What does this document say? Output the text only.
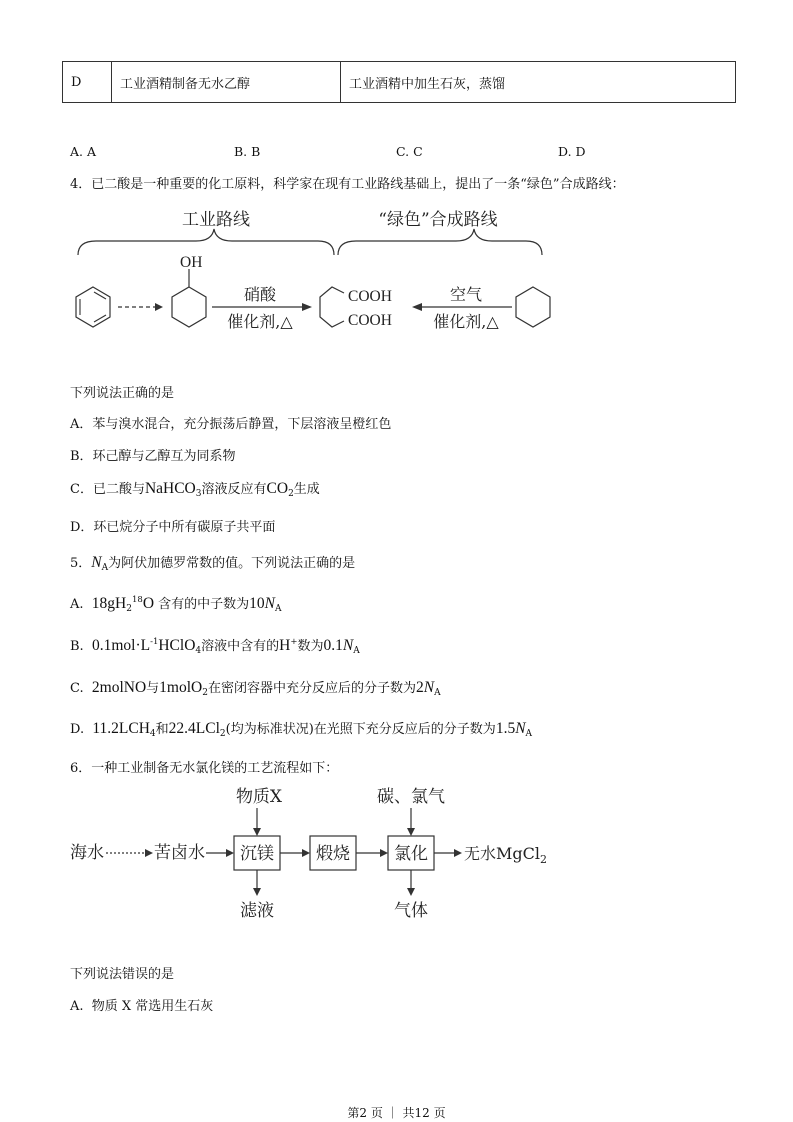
D	工业酒精制备无水乙醇	工业酒精中加生石灰，蒸馏
A. A	B. B	C. C	D. D
4．已二酸是一种重要的化工原料，科学家在现有工业路线基础上，提出了一条“绿色”合成路线：
工业路线	“绿色”合成路线
OH
硝酸
催化剂,△
COOH
COOH
空气
催化剂,△
下列说法正确的是
A．苯与溴水混合，充分振荡后静置，下层溶液呈橙红色
B．环己醇与乙醇互为同系物
C．已二酸与NaHCO$_3$溶液反应有$CO_2$生成
D．环已烷分子中所有碳原子共平面
5．$N_A$为阿伏加德罗常数的值。下列说法正确的是
A. $18gH_2^{18}O$ 含有的中子数为$10N_A$
B. $0.1mol\cdot L^{-1}HClO_4$溶液中含有的H+数为$0.1N_A$
C. 2molNO与1molO$_2$在密闭容器中充分反应后的分子数为$2N_A$
D. $11.2LCH_4$和22.4LCl$_2$(均为标准状况)在光照下充分反应后的分子数为$1.5N_A$
6．一种工业制备无水氯化镁的工艺流程如下：
海水	苦卤水 沉镁 煅烧	氯化 无水MgCl$_2$
物质X	碳、氯气
滤液	气体
下列说法错误的是
A.  物质 X 常选用生石灰
第2 页 ｜ 共12 页
